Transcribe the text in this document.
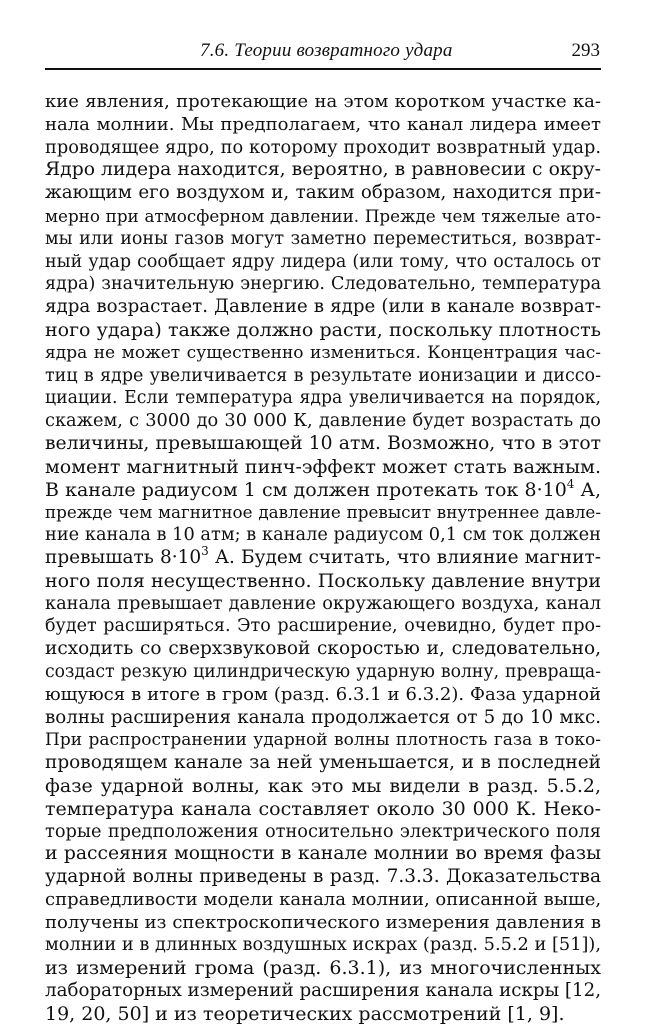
7.6. Теории возвратного удара	293
кие явления, протекающие на этом коротком участке ка-
нала молнии. Мы предполагаем, что канал лидера имеет
проводящее ядро, по которому проходит возвратный удар.
Ядро лидера находится, вероятно, в равновесии с окру-
жающим его воздухом и, таким образом, находится при-
мерно при атмосферном давлении. Прежде чем тяжелые ато-
мы или ионы газов могут заметно переместиться, возврат-
ный удар сообщает ядру лидера (или тому, что осталось от
ядра) значительную энергию. Следовательно, температура
ядра возрастает. Давление в ядре (или в канале возврат-
ного удара) также должно расти, поскольку плотность
ядра не может существенно измениться. Концентрация час-
тиц в ядре увеличивается в результате ионизации и диссо-
циации. Если температура ядра увеличивается на порядок,
скажем, с 3000 до 30 000 К, давление будет возрастать до
величины, превышающей 10 атм. Возможно, что в этот
момент магнитный пинч-эффект может стать важным.
В канале радиусом 1 см должен протекать ток $8\cdot 10^4$ А,
прежде чем магнитное давление превысит внутреннее давле-
ние канала в 10 атм; в канале радиусом 0,1 см ток должен
превышать $8\cdot 10^3$ А. Будем считать, что влияние магнит-
ного поля несущественно. Поскольку давление внутри
канала превышает давление окружающего воздуха, канал
будет расширяться. Это расширение, очевидно, будет про-
исходить со сверхзвуковой скоростью и, следовательно,
создаст резкую цилиндрическую ударную волну, превраща-
ющуюся в итоге в гром (разд. 6.3.1 и 6.3.2). Фаза ударной
волны расширения канала продолжается от 5 до 10 мкс.
При распространении ударной волны плотность газа в токо-
проводящем канале за ней уменьшается, и в последней
фазе ударной волны, как это мы видели в разд. 5.5.2,
температура канала составляет около 30 000 К. Неко-
торые предположения относительно электрического поля
и рассеяния мощности в канале молнии во время фазы
ударной волны приведены в разд. 7.3.3. Доказательства
справедливости модели канала молнии, описанной выше,
получены из спектроскопического измерения давления в
молнии и в длинных воздушных искрах (разд. 5.5.2 и [51]),
из измерений грома (разд. 6.3.1), из многочисленных
лабораторных измерений расширения канала искры [12,
19, 20, 50] и из теоретических рассмотрений [1, 9].
